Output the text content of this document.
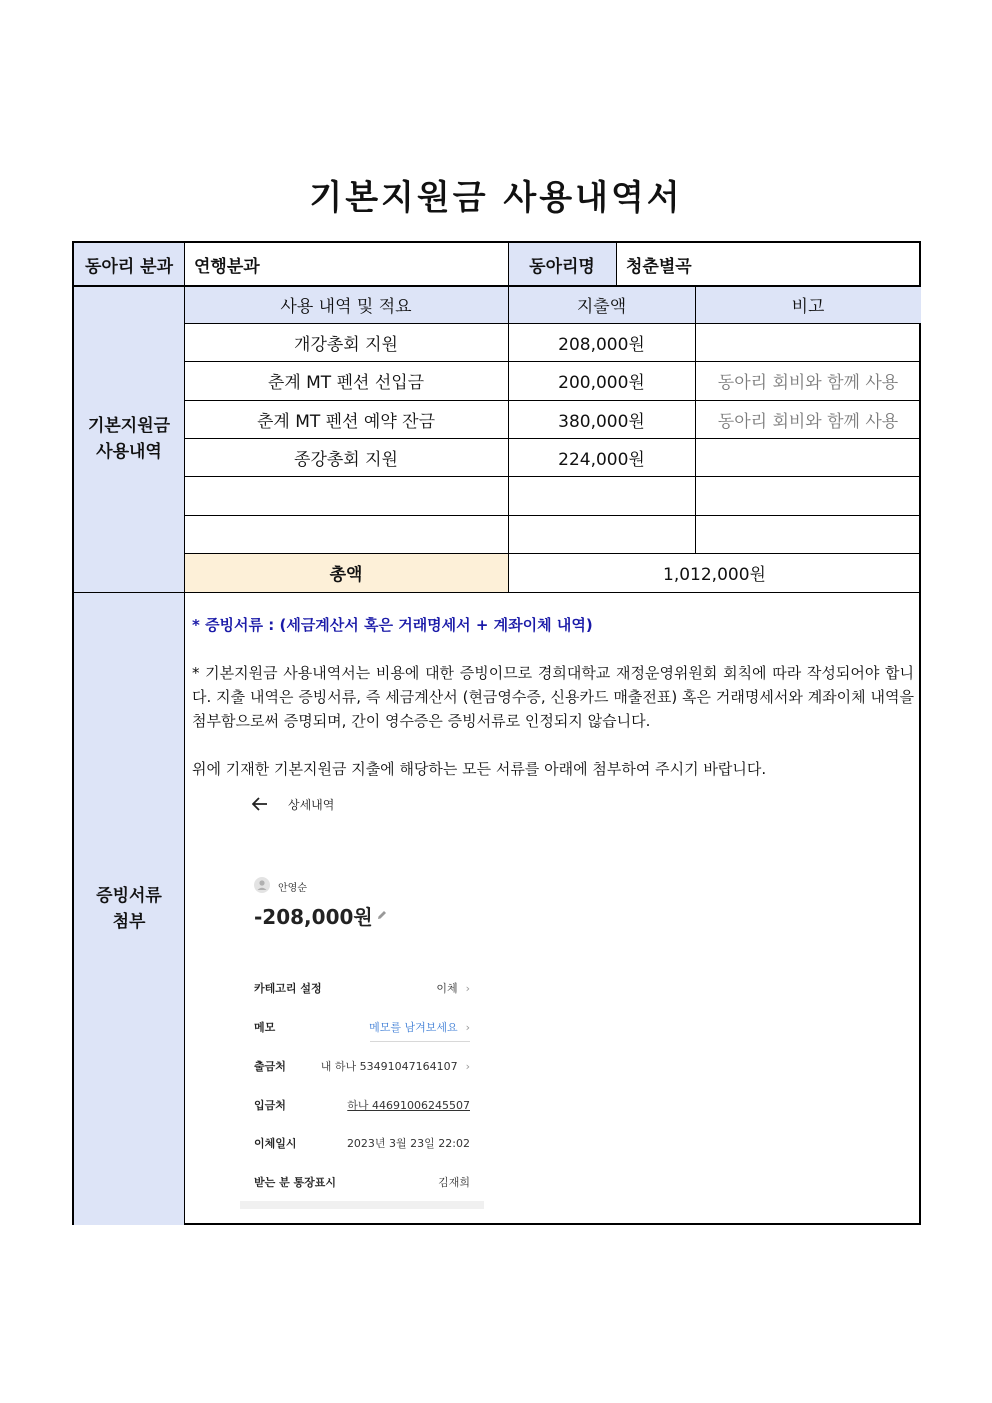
기본지원금 사용내역서
동아리 분과	연행분과	동아리명	청춘별곡
기본지원금
사용내역
사용 내역 및 적요	지출액	비고
개강총회 지원	208,000원
춘계 MT 펜션 선입금	200,000원	동아리 회비와 함께 사용
춘계 MT 펜션 예약 잔금	380,000원	동아리 회비와 함께 사용
종강총회 지원	224,000원
총액	1,012,000원
증빙서류
첨부
* 증빙서류 : (세금계산서 혹은 거래명세서 + 계좌이체 내역)
* 기본지원금 사용내역서는 비용에 대한 증빙이므로 경희대학교 재정운영위원회 회칙에 따라 작성되어야 합니다. 지출 내역은 증빙서류, 즉 세금계산서 (현금영수증, 신용카드 매출전표) 혹은 거래명세서와 계좌이체 내역을 첨부함으로써 증명되며, 간이 영수증은 증빙서류로 인정되지 않습니다.
위에 기재한 기본지원금 지출에 해당하는 모든 서류를 아래에 첨부하여 주시기 바랍니다.
상세내역
안영순
-208,000원
카테고리 설정	이체 ›
메모	메모를 남겨보세요 ›
출금처	내 하나 53491047164107 ›
입금처	하나 44691006245507
이체일시	2023년 3월 23일 22:02
받는 분 통장표시	김재희
